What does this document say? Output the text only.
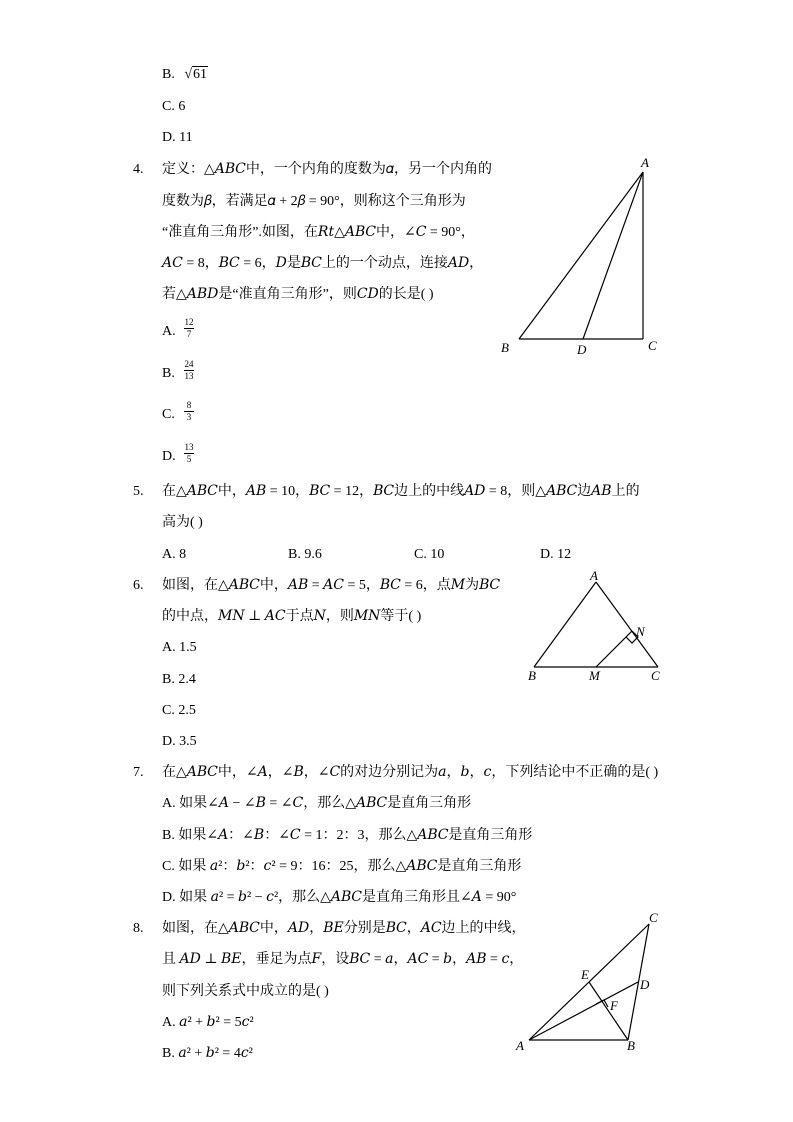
B. √61
C. 6
D. 11
4. 定义：△𝐴𝐵𝐶中，一个内角的度数为𝛼，另一个内角的
度数为𝛽，若满足𝛼 + 2𝛽 = 90°，则称这个三角形为
“准直角三角形”.如图，在𝑅𝑡△𝐴𝐵𝐶中，∠𝐶 = 90°，
𝐴𝐶 = 8，𝐵𝐶 = 6，𝐷是𝐵𝐶上的一个动点，连接𝐴𝐷，
若△𝐴𝐵𝐷是“准直角三角形”，则𝐶𝐷的长是( )
A.
12
7
B.
24
13
C.
8
3
D.
13
5
A
B	C
D
5. 在△𝐴𝐵𝐶中，𝐴𝐵 = 10，𝐵𝐶 = 12，𝐵𝐶边上的中线𝐴𝐷 = 8，则△𝐴𝐵𝐶边𝐴𝐵上的
高为( )
A. 8	B. 9.6	C. 10	D. 12
6. 如图，在△𝐴𝐵𝐶中，𝐴𝐵 = 𝐴𝐶 = 5，𝐵𝐶 = 6，点𝑀为𝐵𝐶
的中点，𝑀𝑁 ⊥ 𝐴𝐶于点𝑁，则𝑀𝑁等于( )
A. 1.5
B. 2.4
C. 2.5
D. 3.5
A
B	C
M
N
7. 在△𝐴𝐵𝐶中，∠𝐴，∠𝐵，∠𝐶的对边分别记为𝑎，𝑏，𝑐，下列结论中不正确的是( )
A. 如果∠𝐴 − ∠𝐵 = ∠𝐶，那么△𝐴𝐵𝐶是直角三角形
B. 如果∠𝐴：∠𝐵：∠𝐶 = 1：2：3，那么△𝐴𝐵𝐶是直角三角形
C. 如果 𝑎²：𝑏²：𝑐² = 9：16：25，那么△𝐴𝐵𝐶是直角三角形
D. 如果 𝑎² = 𝑏² − 𝑐²，那么△𝐴𝐵𝐶是直角三角形且∠𝐴 = 90°
8. 如图，在△𝐴𝐵𝐶中，𝐴𝐷，𝐵𝐸分别是𝐵𝐶，𝐴𝐶边上的中线，
且 𝐴𝐷 ⊥ 𝐵𝐸，垂足为点𝐹，设𝐵𝐶 = 𝑎，𝐴𝐶 = 𝑏，𝐴𝐵 = 𝑐，
则下列关系式中成立的是( )
A. 𝑎² + 𝑏² = 5𝑐²
B. 𝑎² + 𝑏² = 4𝑐²
C
A	B
D
E
F
